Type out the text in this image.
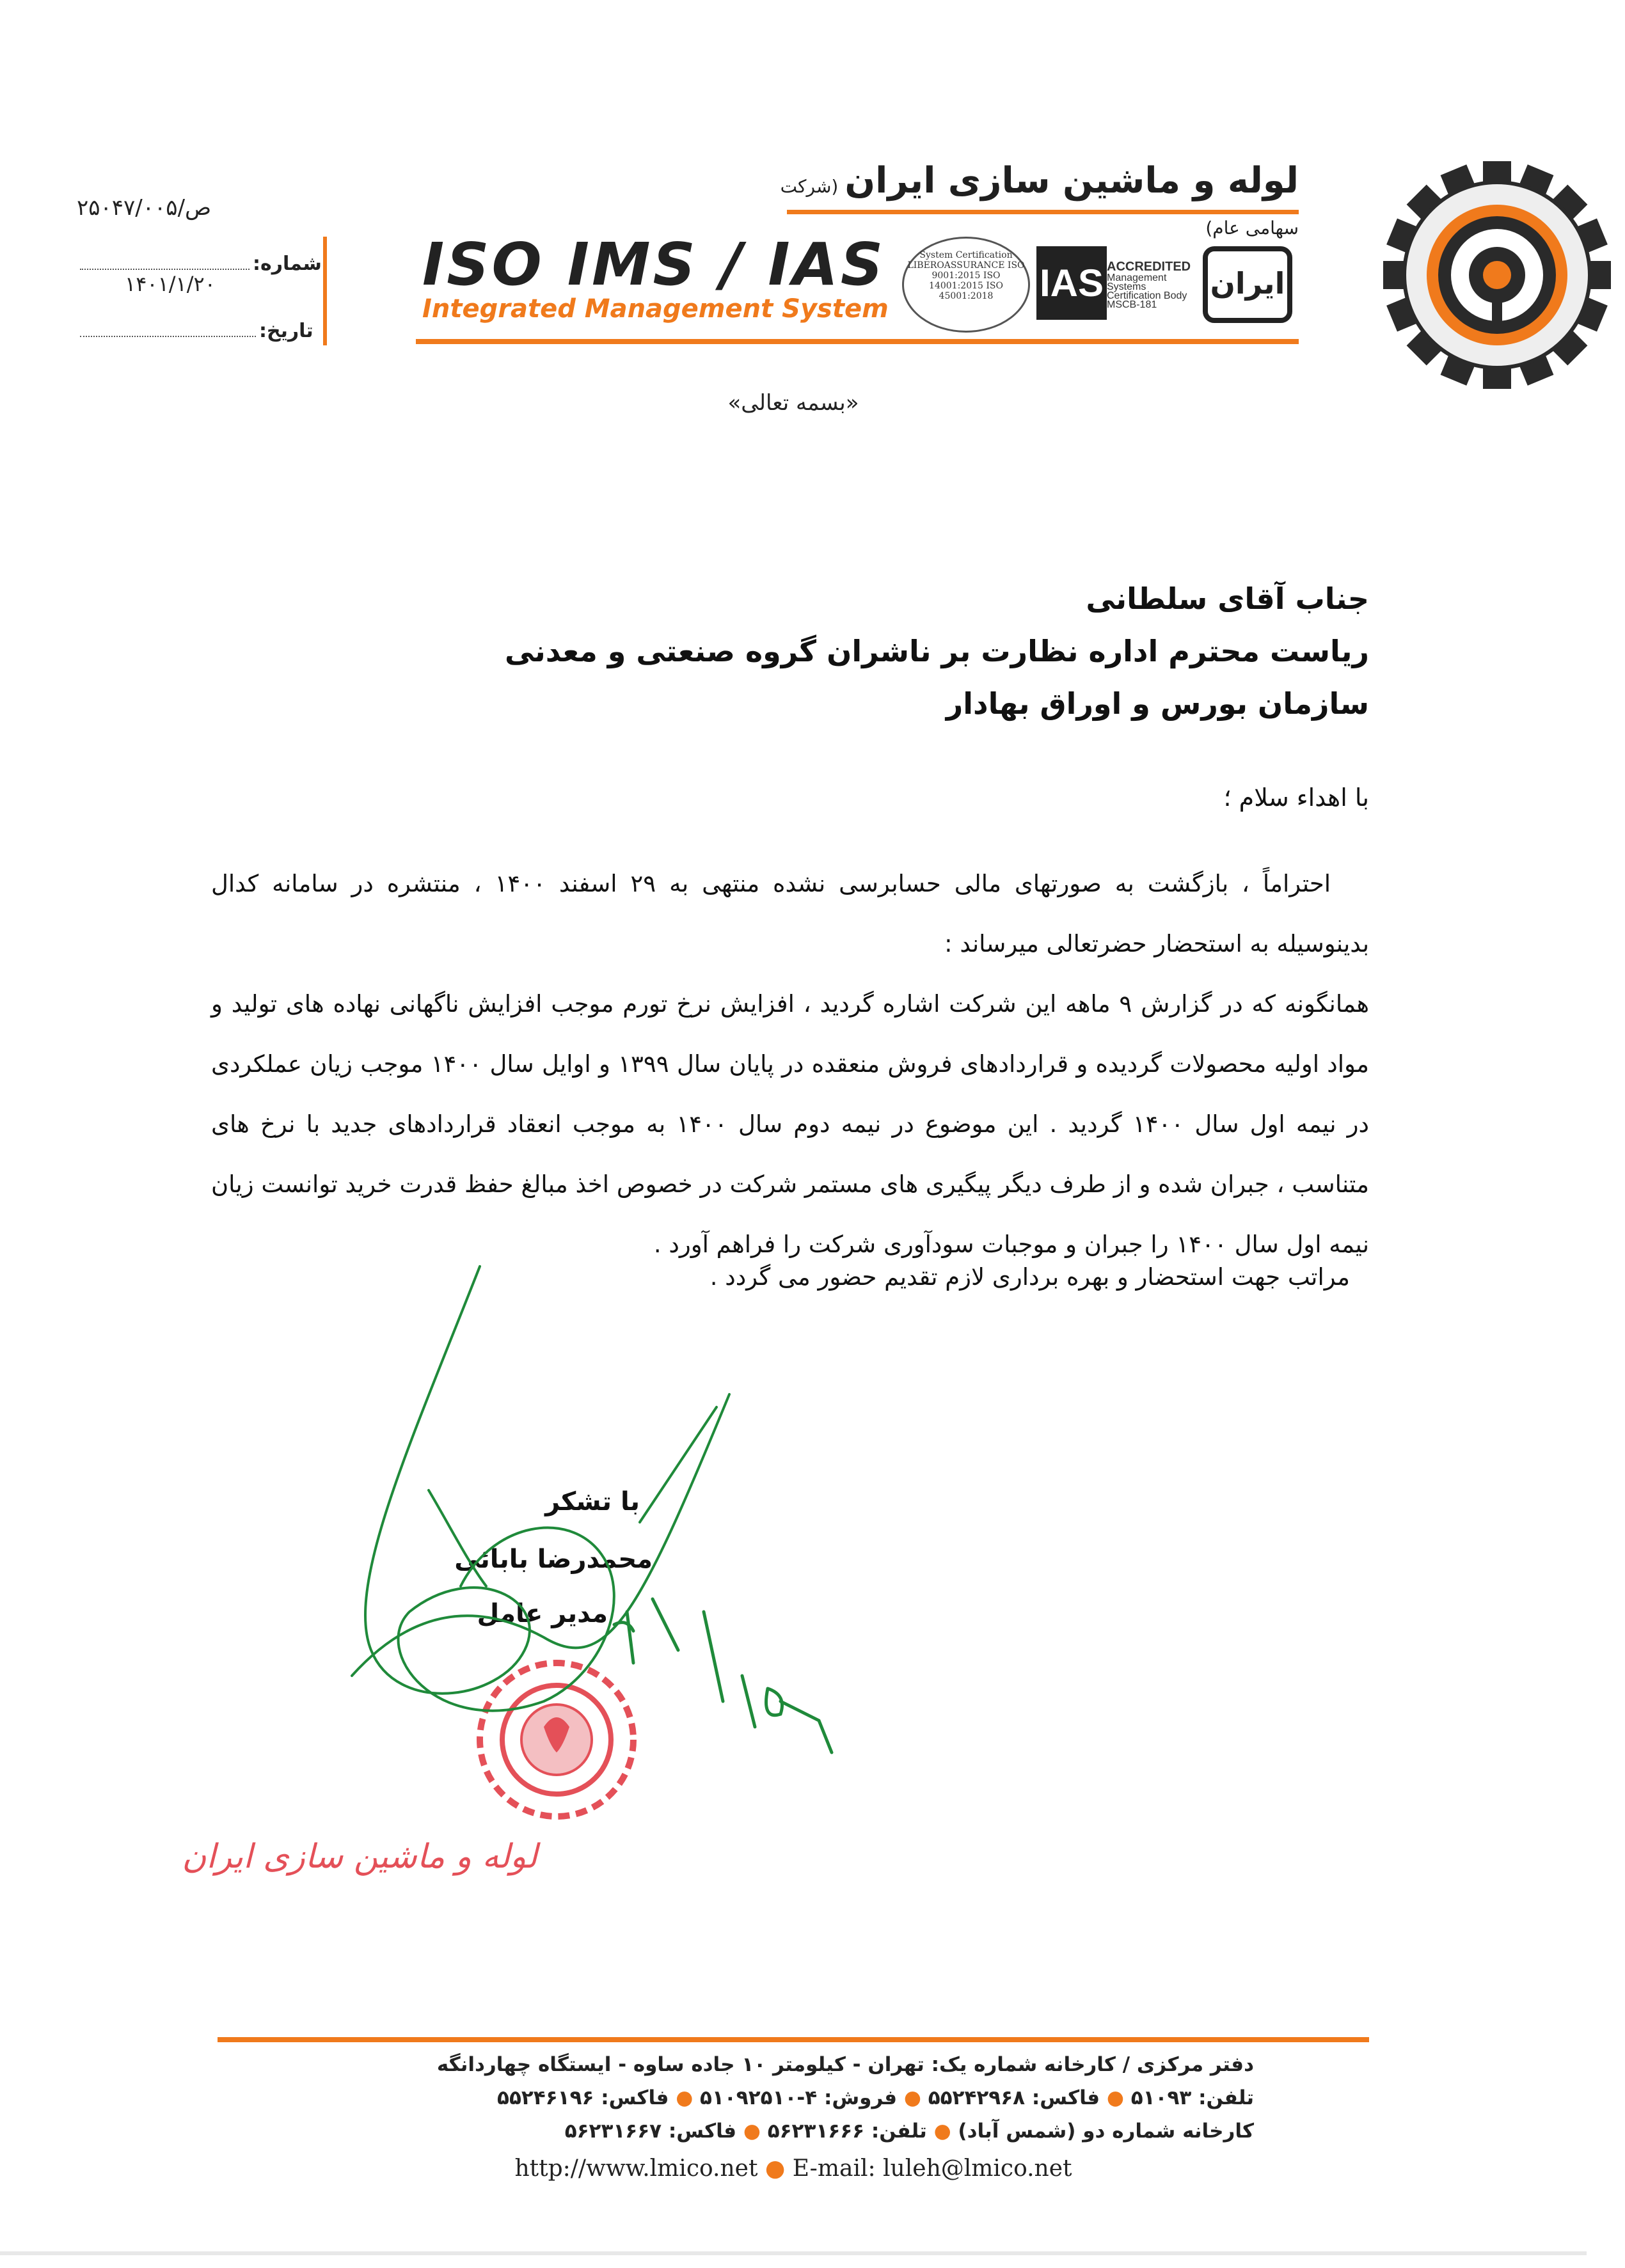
لوله و ماشین سازی ایران(شرکت سهامی عام)
ISO IMS / IAS
Integrated Management System
System Certification LIBEROASSURANCE ISO 9001:2015 ISO 14001:2015 ISO 45001:2018	IAS ACCREDITED
Management Systems Certification Body MSCB-181
ایران
۲۵۰۴۷/ص/۰۰۵
شماره:
۱۴۰۱/۱/۲۰
تاریخ:
«بسمه تعالی»
جناب آقای سلطانی
ریاست محترم اداره نظارت بر ناشران گروه صنعتی و معدنی
سازمان بورس و اوراق بهادار
با اهداء سلام ؛

احتراماً ، بازگشت به صورتهای مالی حسابرسی نشده منتهی به ۲۹ اسفند ۱۴۰۰ ، منتشره در سامانه کدال بدینوسیله به استحضار حضرتعالی میرساند :

همانگونه که در گزارش ۹ ماهه این شرکت اشاره گردید ، افزایش نرخ تورم موجب افزایش ناگهانی نهاده های تولید و مواد اولیه محصولات گردیده و قراردادهای فروش منعقده در پایان سال ۱۳۹۹ و اوایل سال ۱۴۰۰ موجب زیان عملکردی در نیمه اول سال ۱۴۰۰ گردید . این موضوع در نیمه دوم سال ۱۴۰۰ به موجب انعقاد قراردادهای جدید با نرخ های متناسب ، جبران شده و از طرف دیگر پیگیری های مستمر شرکت در خصوص اخذ مبالغ حفظ قدرت خرید توانست زیان نیمه اول سال ۱۴۰۰ را جبران و موجبات سودآوری شرکت را فراهم آورد .

مراتب جهت استحضار و بهره برداری لازم تقدیم حضور می گردد .
با تشکر
محمدرضا بابائی
مدیر عامل
لوله و ماشین سازی ایران
دفتر مرکزی / کارخانه شماره یک: تهران - کیلومتر ۱۰ جاده ساوه - ایستگاه چهاردانگه
تلفن: ۵۱۰۹۳ ● فاکس: ۵۵۲۴۲۹۶۸ ● فروش: ۴-۵۱۰۹۲۵۱۰ ● فاکس: ۵۵۲۴۶۱۹۶
کارخانه شماره دو (شمس آباد) ● تلفن: ۵۶۲۳۱۶۶۶ ● فاکس: ۵۶۲۳۱۶۶۷
http://www.lmico.net ● E-mail: luleh@lmico.net
